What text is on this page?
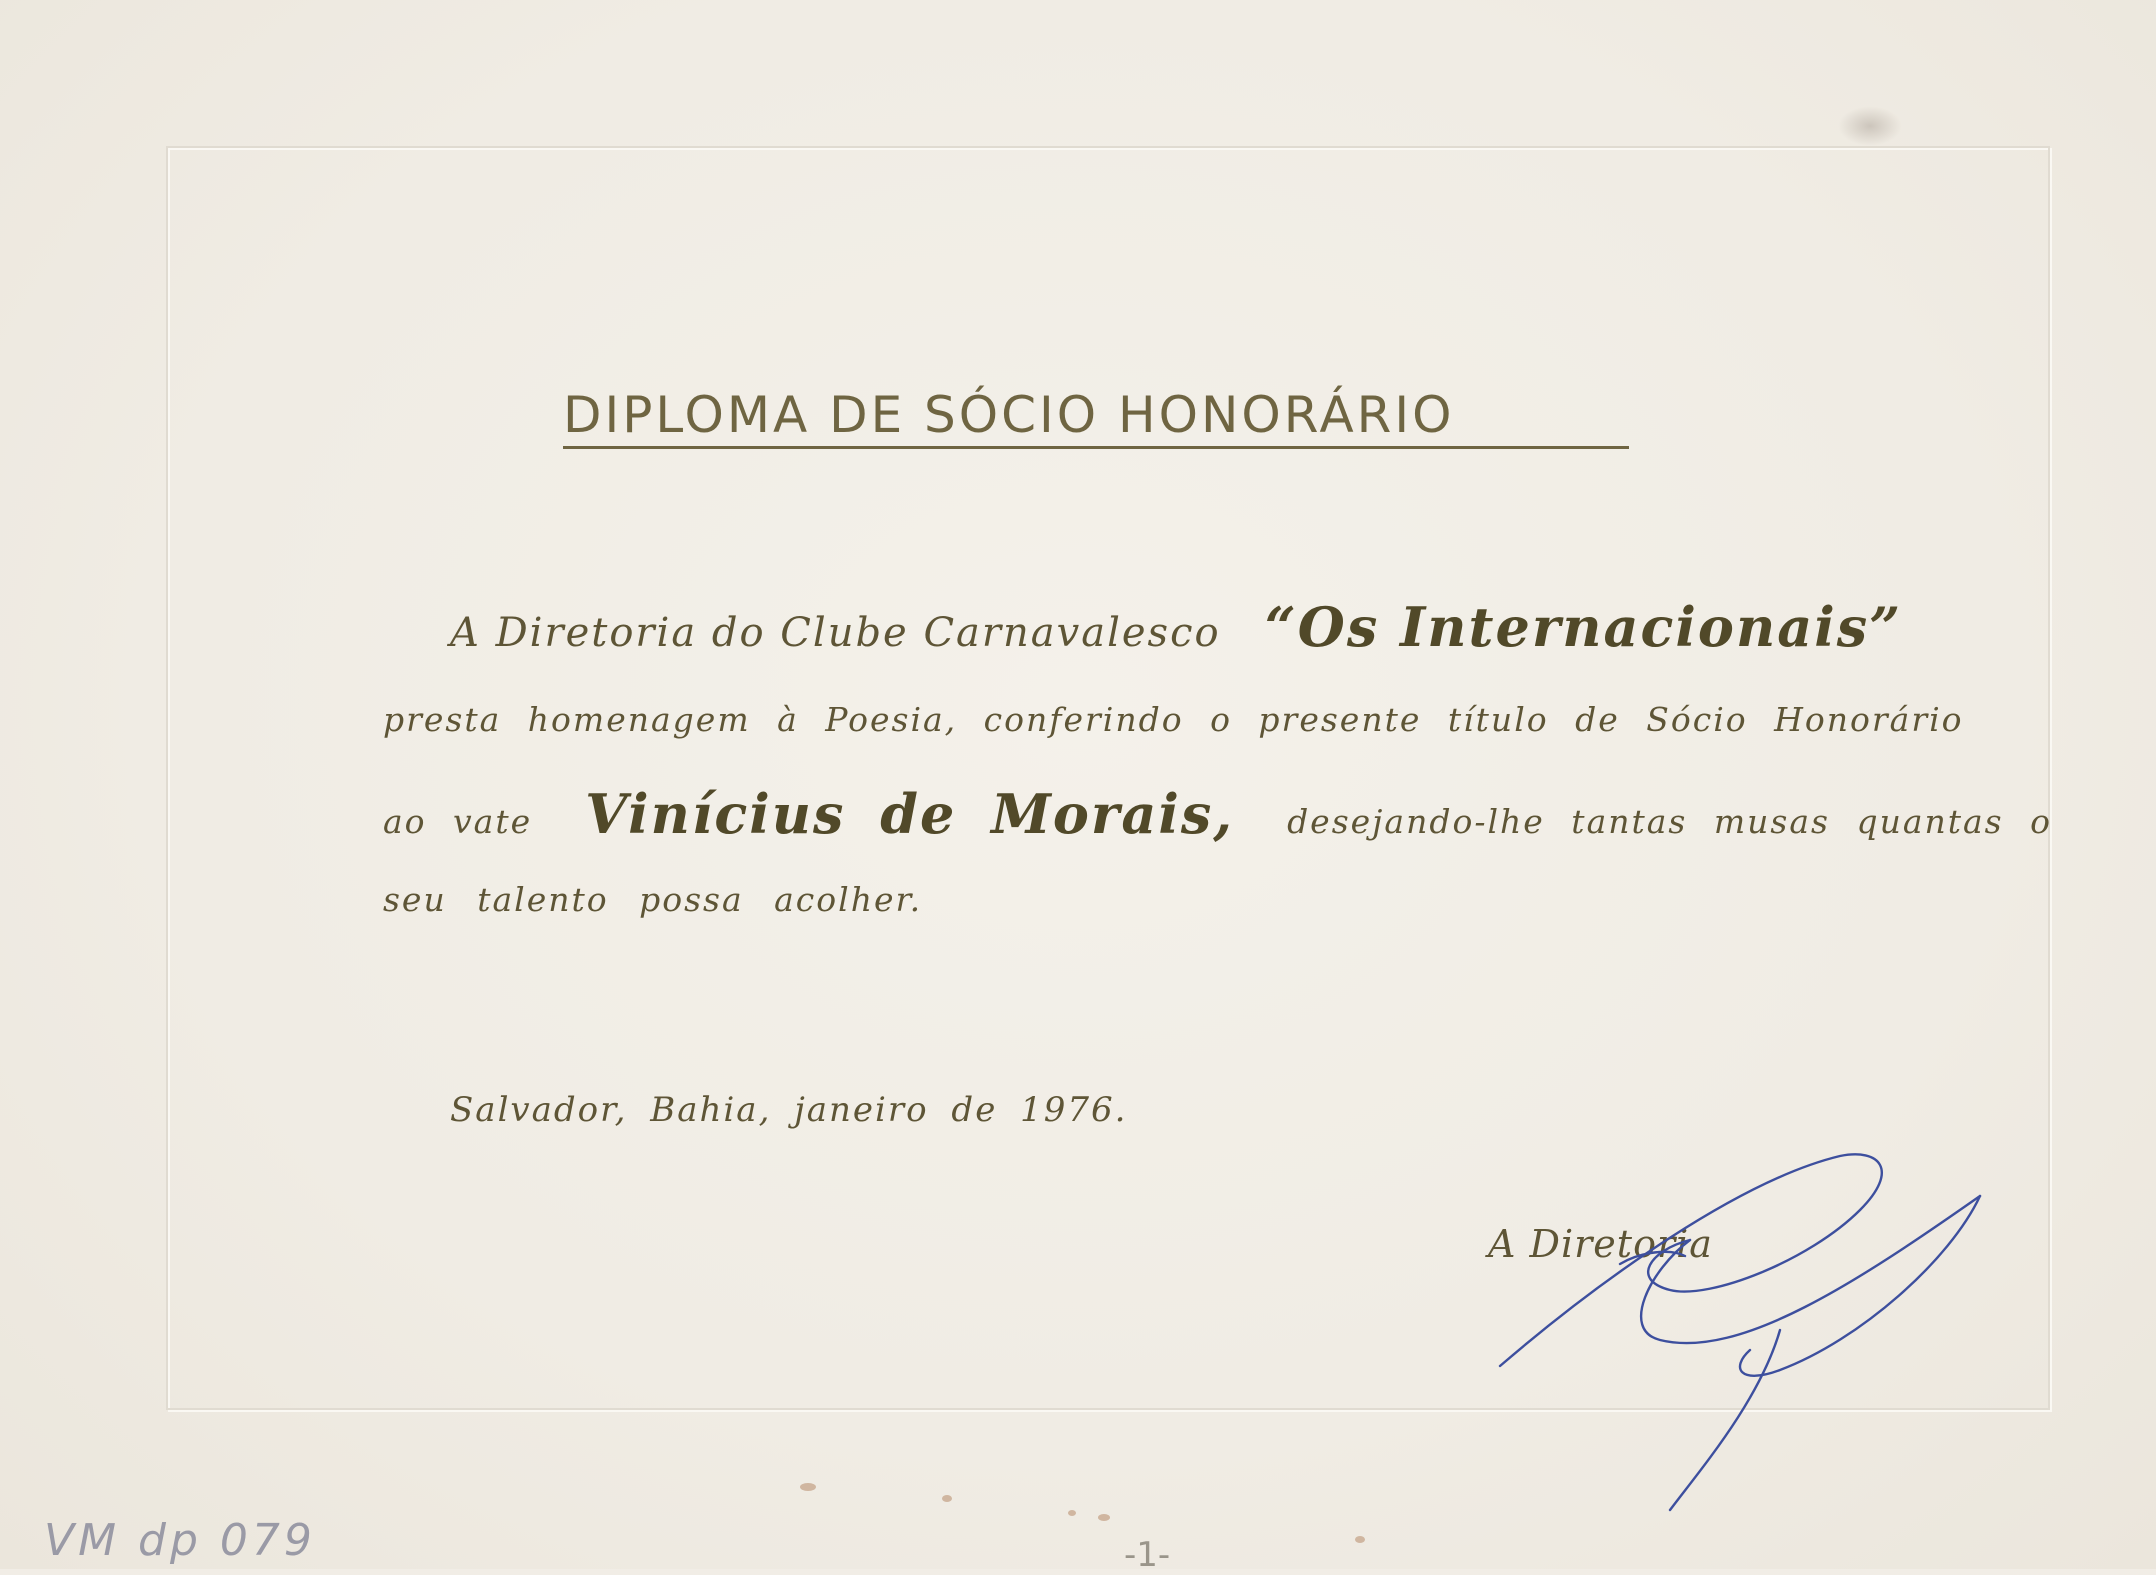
DIPLOMA DE SÓCIO HONORÁRIO

A Diretoria do Clube Carnavalesco “Os Internacionais”

presta homenagem à Poesia, conferindo o presente título de Sócio Honorário

ao vate Vinícius de Morais, desejando-lhe tantas musas quantas o

seu talento possa acolher.

Salvador, Bahia, janeiro de 1976.
A Diretoria
VM dp 079	-1-
